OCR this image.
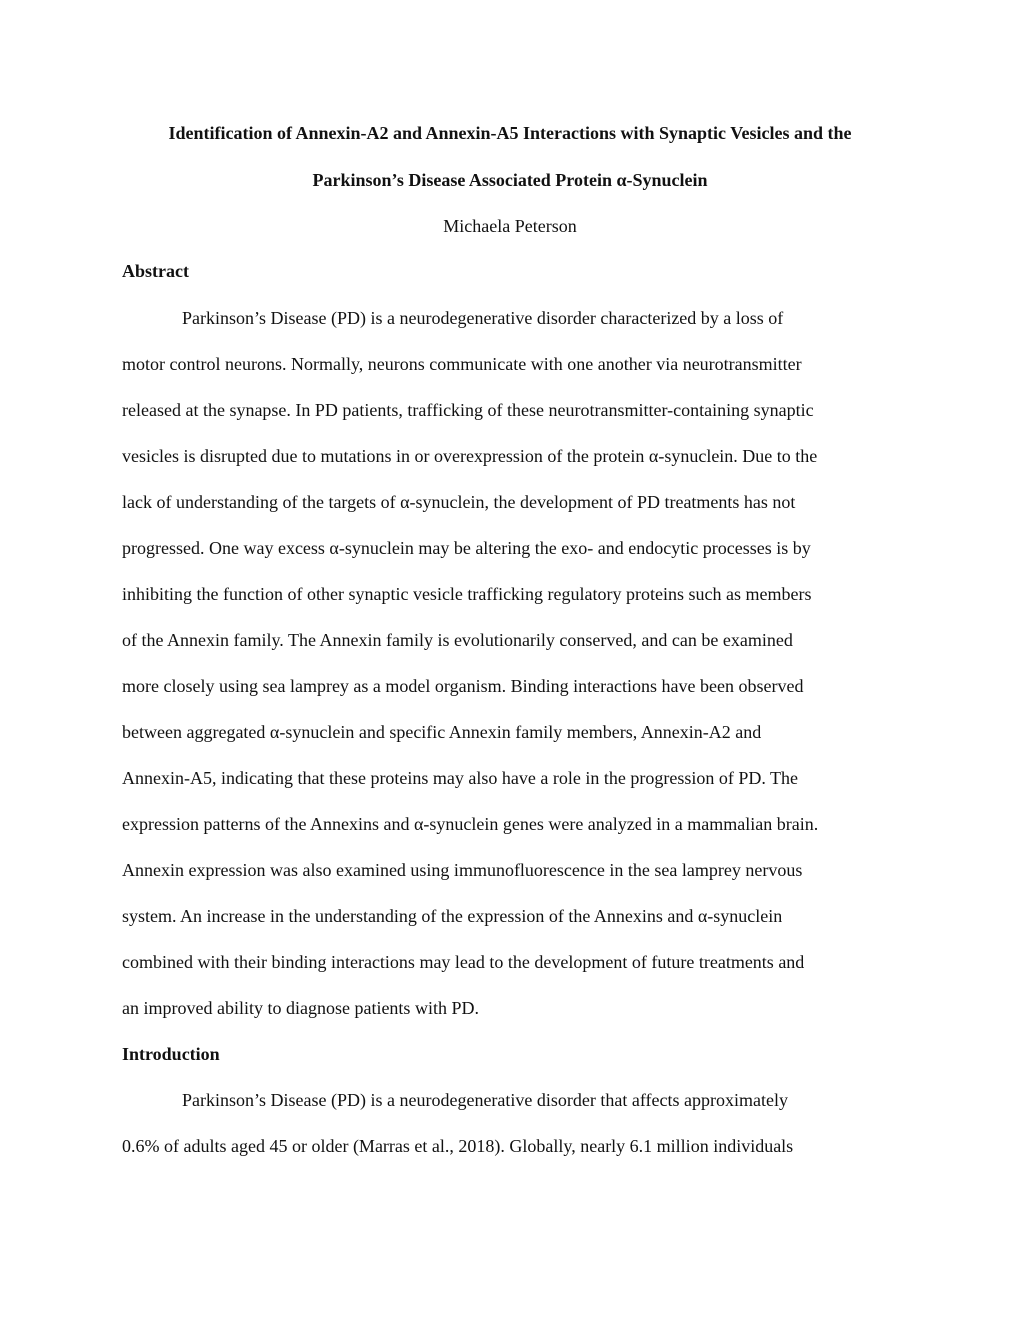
Identification of Annexin-A2 and Annexin-A5 Interactions with Synaptic Vesicles and the

Parkinson’s Disease Associated Protein α-Synuclein

Michaela Peterson

Abstract

Parkinson’s Disease (PD) is a neurodegenerative disorder characterized by a loss of

motor control neurons. Normally, neurons communicate with one another via neurotransmitter

released at the synapse. In PD patients, trafficking of these neurotransmitter-containing synaptic

vesicles is disrupted due to mutations in or overexpression of the protein α-synuclein. Due to the

lack of understanding of the targets of α-synuclein, the development of PD treatments has not

progressed. One way excess α-synuclein may be altering the exo- and endocytic processes is by

inhibiting the function of other synaptic vesicle trafficking regulatory proteins such as members

of the Annexin family. The Annexin family is evolutionarily conserved, and can be examined

more closely using sea lamprey as a model organism. Binding interactions have been observed

between aggregated α-synuclein and specific Annexin family members, Annexin-A2 and

Annexin-A5, indicating that these proteins may also have a role in the progression of PD. The

expression patterns of the Annexins and α-synuclein genes were analyzed in a mammalian brain.

Annexin expression was also examined using immunofluorescence in the sea lamprey nervous

system. An increase in the understanding of the expression of the Annexins and α-synuclein

combined with their binding interactions may lead to the development of future treatments and

an improved ability to diagnose patients with PD.

Introduction

Parkinson’s Disease (PD) is a neurodegenerative disorder that affects approximately

0.6% of adults aged 45 or older (Marras et al., 2018). Globally, nearly 6.1 million individuals
